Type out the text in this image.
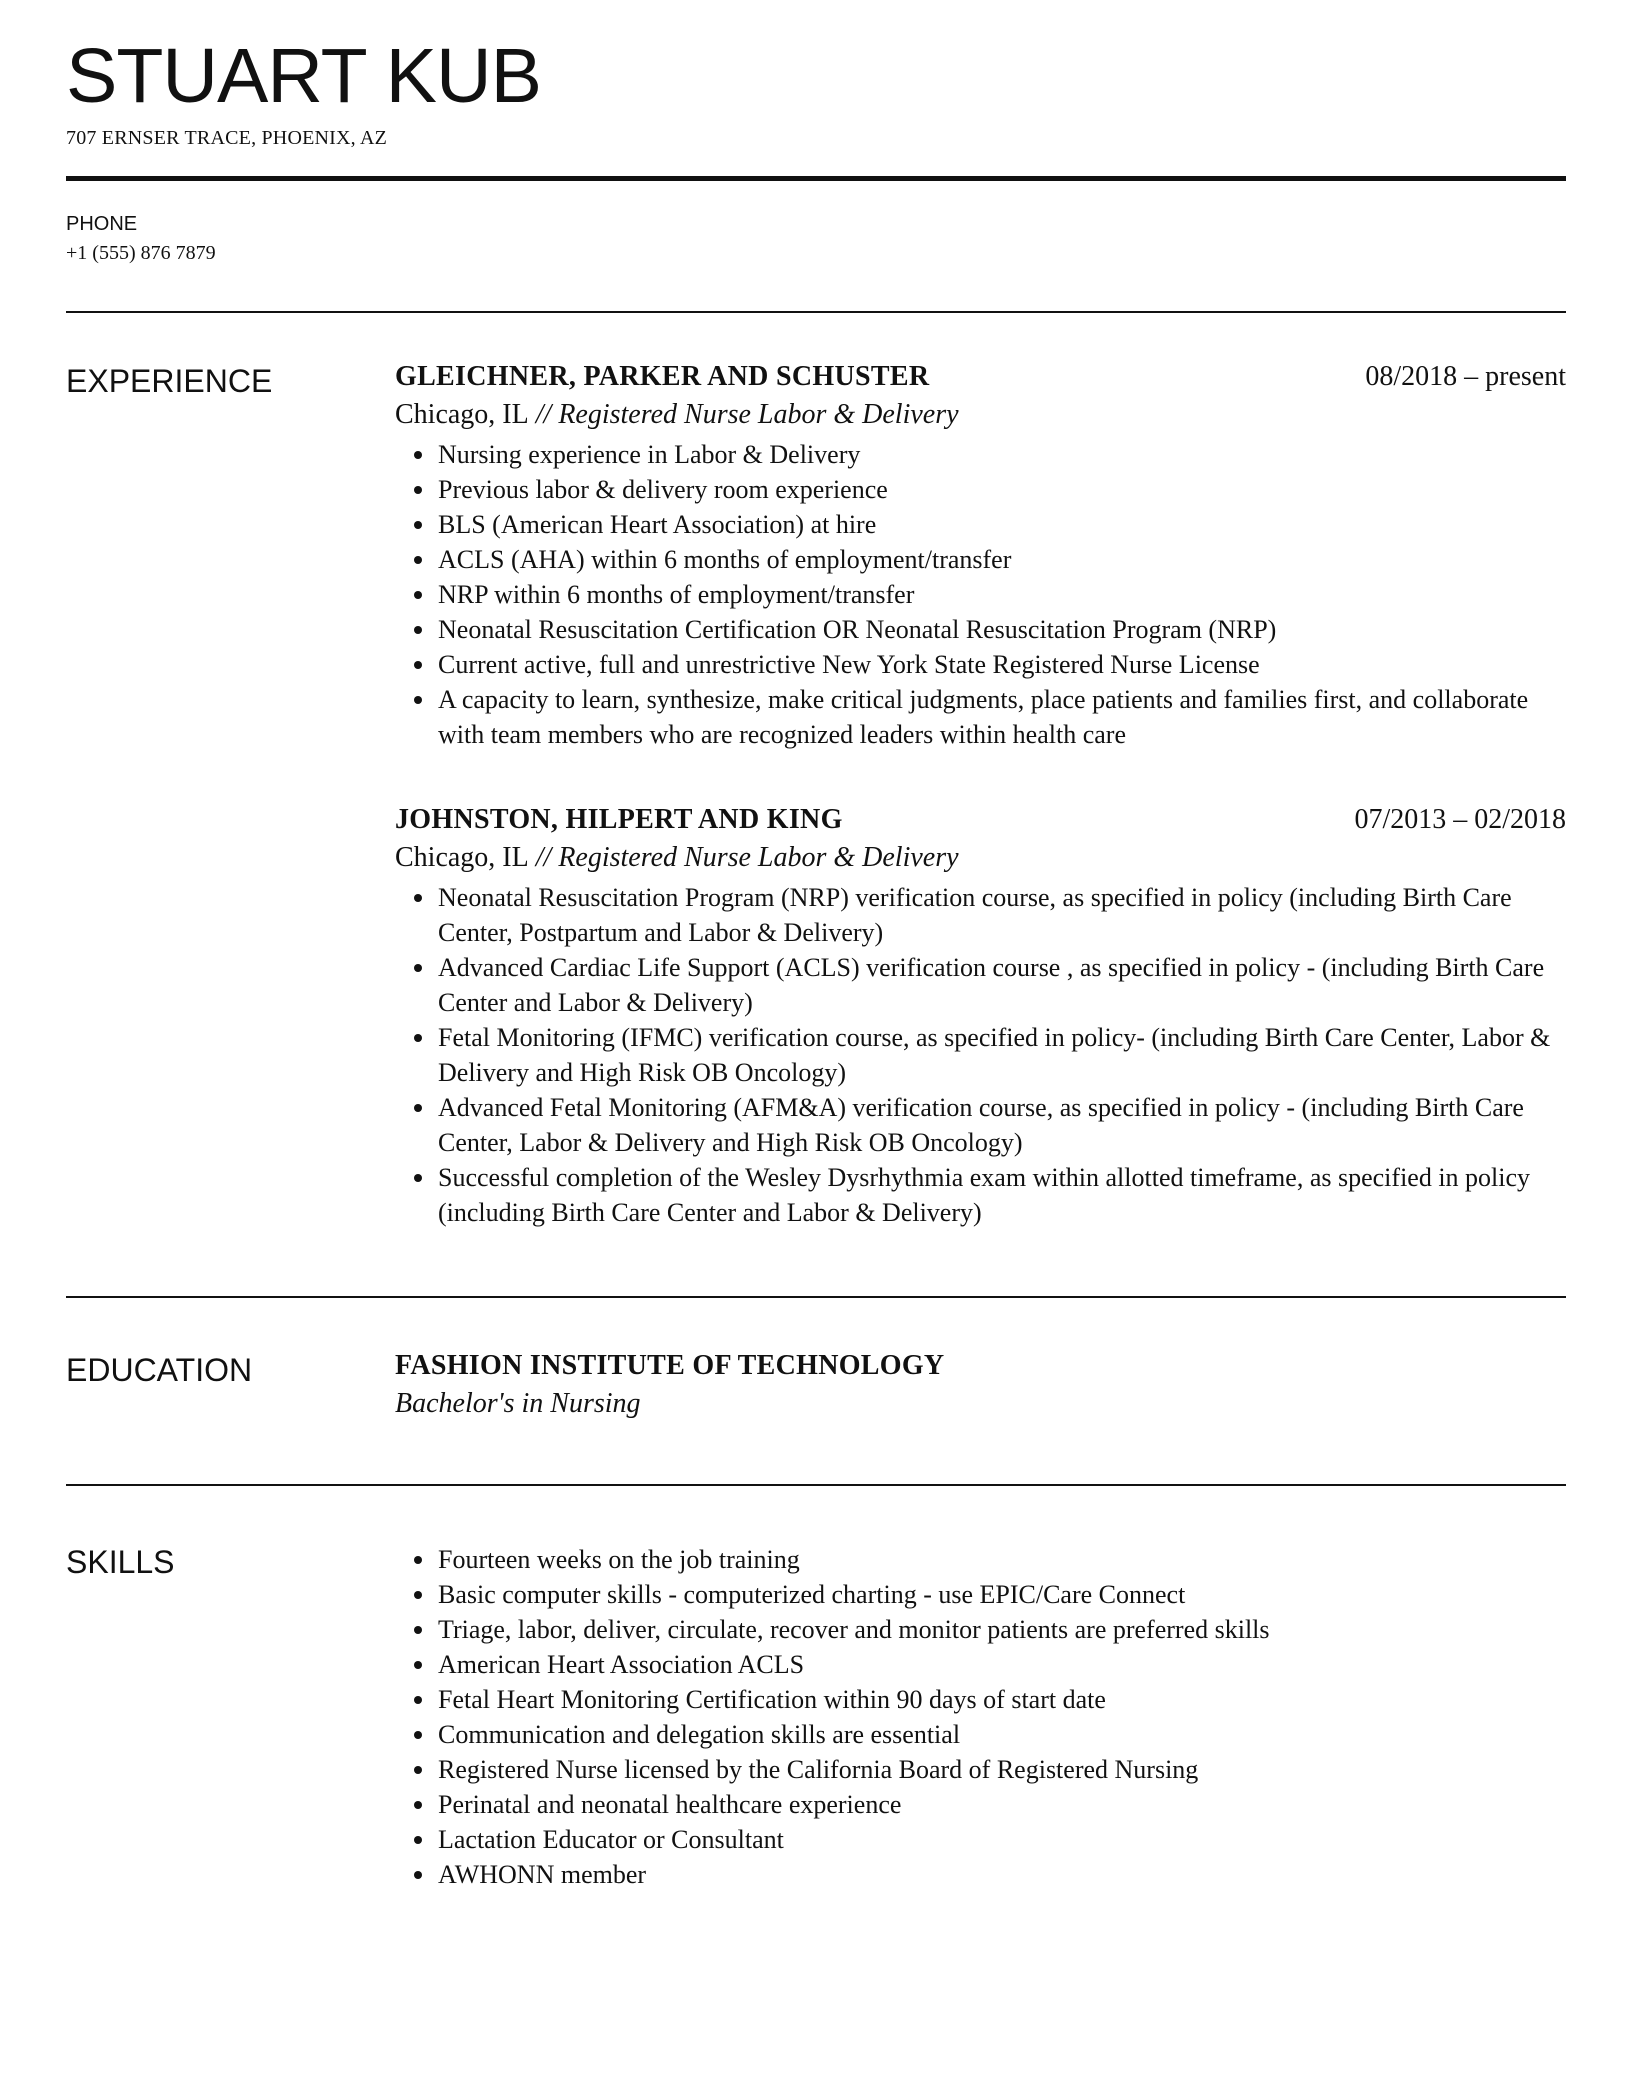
STUART KUB
707 ERNSER TRACE, PHOENIX, AZ
PHONE
+1 (555) 876 7879
EXPERIENCE	GLEICHNER, PARKER AND SCHUSTER	08/2018 – present
Chicago, IL // Registered Nurse Labor & Delivery
Nursing experience in Labor & Delivery
Previous labor & delivery room experience
BLS (American Heart Association) at hire
ACLS (AHA) within 6 months of employment/transfer
NRP within 6 months of employment/transfer
Neonatal Resuscitation Certification OR Neonatal Resuscitation Program (NRP)
Current active, full and unrestrictive New York State Registered Nurse License
A capacity to learn, synthesize, make critical judgments, place patients and families first, and collaborate with team members who are recognized leaders within health care
JOHNSTON, HILPERT AND KING	07/2013 – 02/2018
Chicago, IL // Registered Nurse Labor & Delivery
Neonatal Resuscitation Program (NRP) verification course, as specified in policy (including Birth Care Center, Postpartum and Labor & Delivery)
Advanced Cardiac Life Support (ACLS) verification course , as specified in policy - (including Birth Care Center and Labor & Delivery)
Fetal Monitoring (IFMC) verification course, as specified in policy- (including Birth Care Center, Labor & Delivery and High Risk OB Oncology)
Advanced Fetal Monitoring (AFM&A) verification course, as specified in policy - (including Birth Care Center, Labor & Delivery and High Risk OB Oncology)
Successful completion of the Wesley Dysrhythmia exam within allotted timeframe, as specified in policy (including Birth Care Center and Labor & Delivery)
EDUCATION	FASHION INSTITUTE OF TECHNOLOGY
Bachelor's in Nursing
SKILLS	Fourteen weeks on the job training
Basic computer skills - computerized charting - use EPIC/Care Connect
Triage, labor, deliver, circulate, recover and monitor patients are preferred skills
American Heart Association ACLS
Fetal Heart Monitoring Certification within 90 days of start date
Communication and delegation skills are essential
Registered Nurse licensed by the California Board of Registered Nursing
Perinatal and neonatal healthcare experience
Lactation Educator or Consultant
AWHONN member
